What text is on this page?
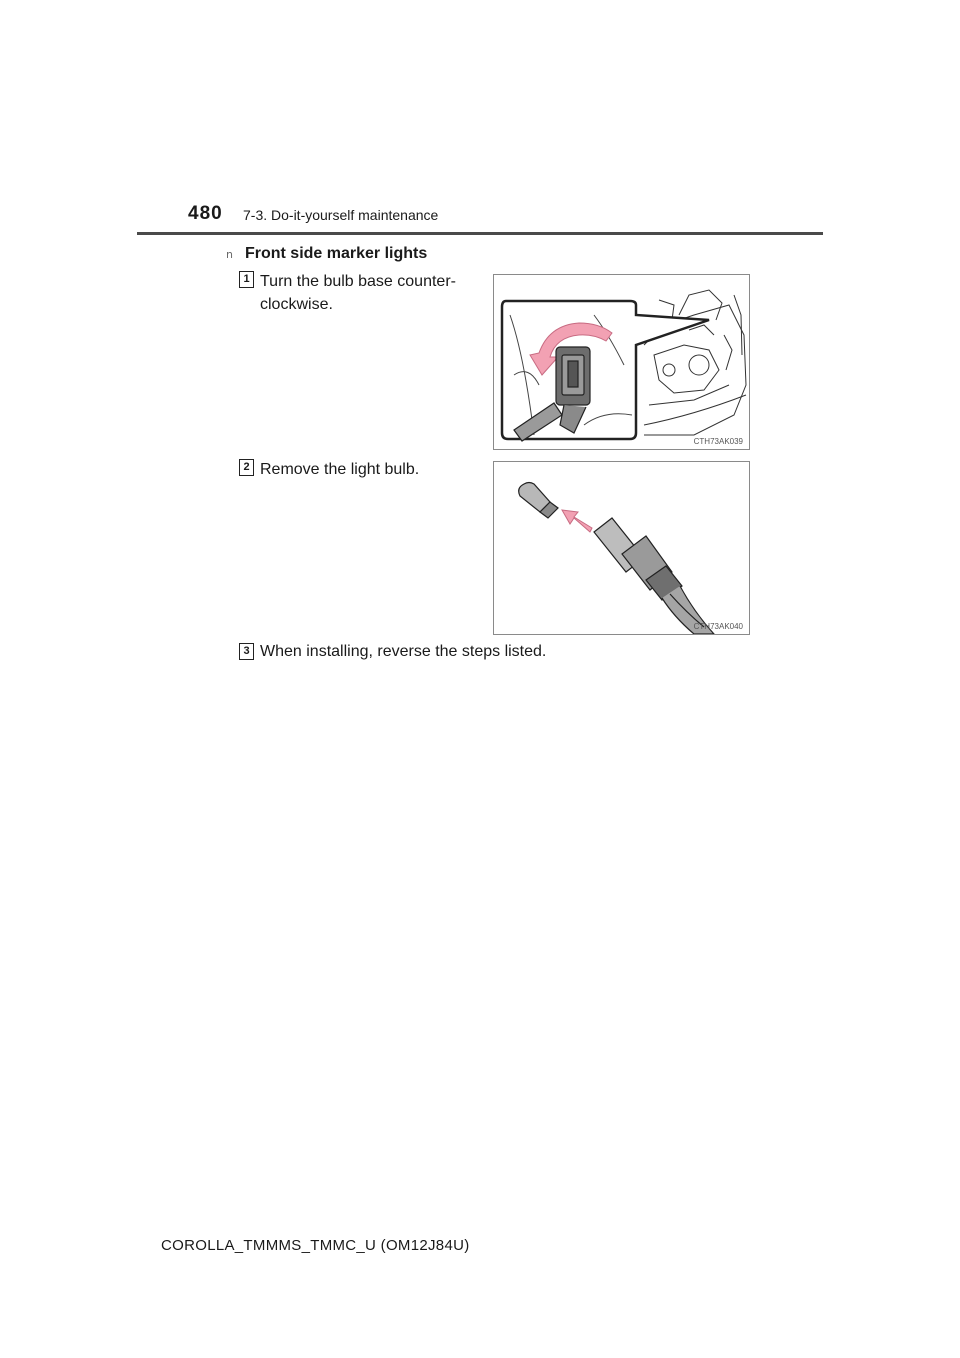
480 7-3. Do-it-yourself maintenance
n Front side marker lights
1 Turn the bulb base counter-
clockwise.
CTH73AK039
2 Remove the light bulb.
CTH73AK040
3 When installing, reverse the steps listed.
COROLLA_TMMMS_TMMC_U (OM12J84U)
